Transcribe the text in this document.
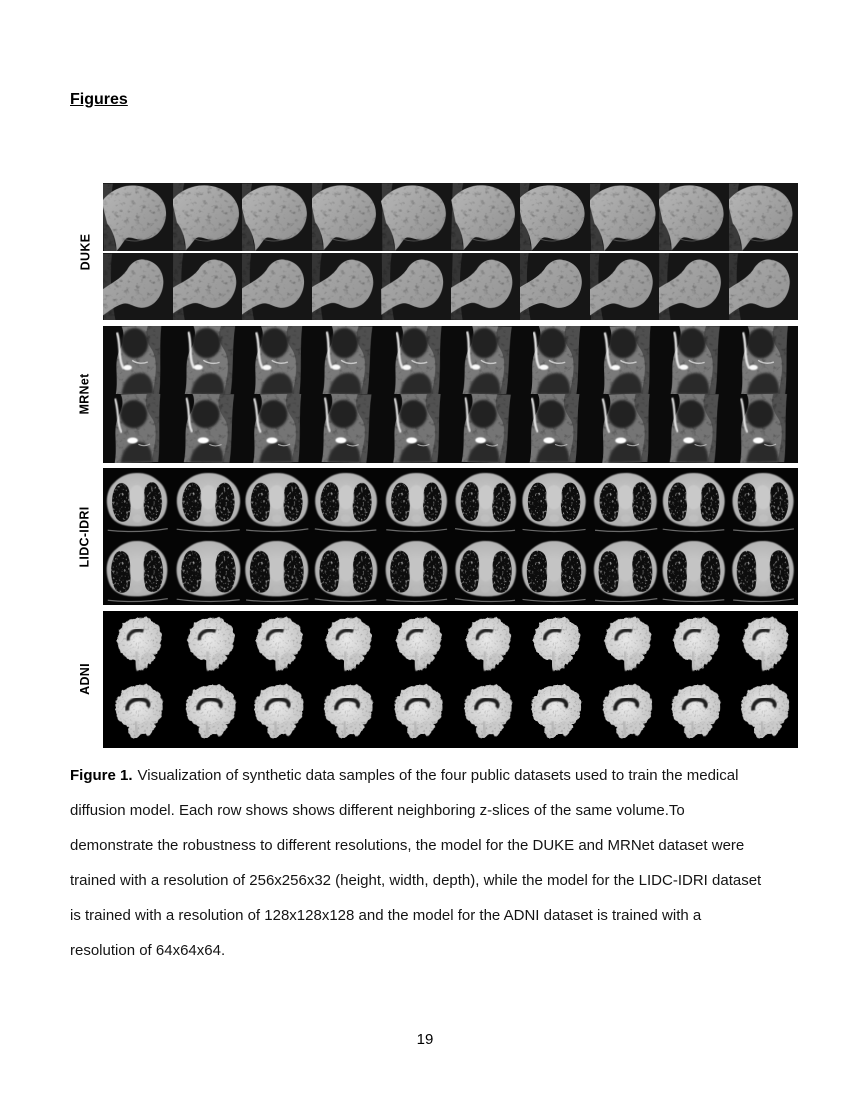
Figures
DUKE
MRNet
LIDC-IDRI
ADNI
Figure 1. Visualization of synthetic data samples of the four public datasets used to train the medical
diffusion model. Each row shows shows different neighboring z-slices of the same volume.To
demonstrate the robustness to different resolutions, the model for the DUKE and MRNet dataset were
trained with a resolution of 256x256x32 (height, width, depth), while the model for the LIDC-IDRI dataset
is trained with a resolution of 128x128x128 and the model for the ADNI dataset is trained with a
resolution of 64x64x64.
19
